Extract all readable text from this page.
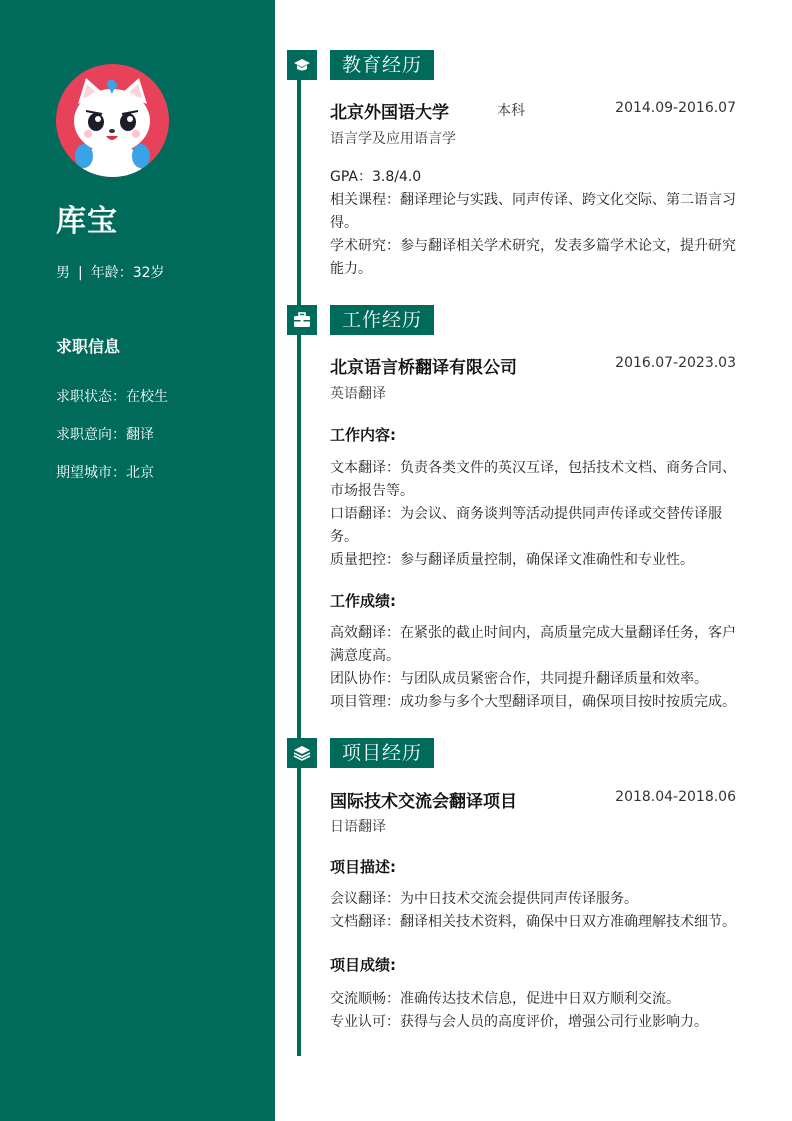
库宝
男 | 年龄：32岁
求职信息
求职状态：在校生
求职意向：翻译
期望城市：北京
教育经历
北京外国语大学	本科	2014.09-2016.07
语言学及应用语言学
GPA：3.8/4.0
相关课程：翻译理论与实践、同声传译、跨文化交际、第二语言习得。
学术研究：参与翻译相关学术研究，发表多篇学术论文，提升研究能力。
工作经历
北京语言桥翻译有限公司	2016.07-2023.03
英语翻译
工作内容:
文本翻译：负责各类文件的英汉互译，包括技术文档、商务合同、市场报告等。
口语翻译：为会议、商务谈判等活动提供同声传译或交替传译服务。
质量把控：参与翻译质量控制，确保译文准确性和专业性。
工作成绩:
高效翻译：在紧张的截止时间内，高质量完成大量翻译任务，客户满意度高。
团队协作：与团队成员紧密合作，共同提升翻译质量和效率。
项目管理：成功参与多个大型翻译项目，确保项目按时按质完成。
项目经历
国际技术交流会翻译项目	2018.04-2018.06
日语翻译
项目描述:
会议翻译：为中日技术交流会提供同声传译服务。
文档翻译：翻译相关技术资料，确保中日双方准确理解技术细节。
项目成绩:
交流顺畅：准确传达技术信息，促进中日双方顺利交流。
专业认可：获得与会人员的高度评价，增强公司行业影响力。
